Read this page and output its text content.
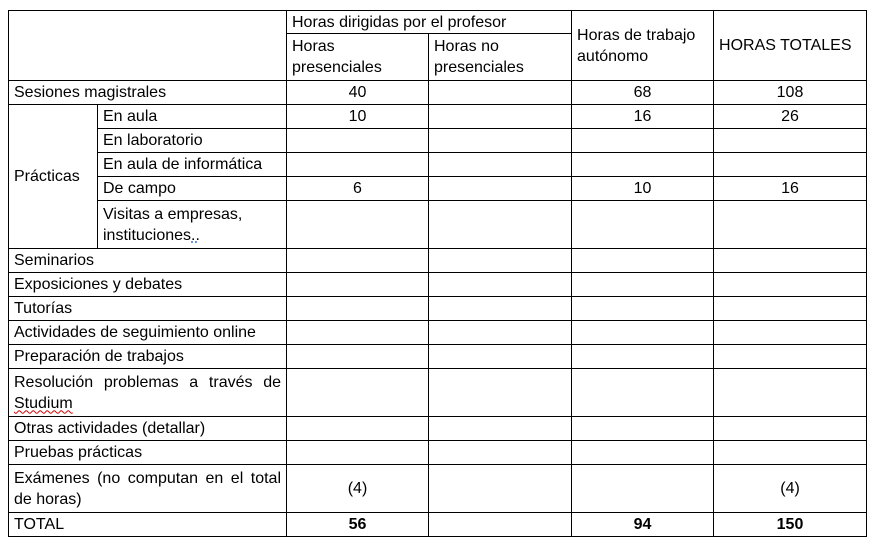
		Horas dirigidas por el profesor		Horas de trabajo autónomo	HORAS TOTALES
		Horas presenciales	Horas no presenciales		
Sesiones magistrales		40		68	108
Prácticas	En aula	10		16	26
	En laboratorio				
	En aula de informática				
	De campo	6		10	16
	Visitas a empresas,
instituciones..				
Seminarios					
Exposiciones y debates					
Tutorías					
Actividades de seguimiento online					
Preparación de trabajos					
Resolución problemas a través de Studium					
Otras actividades (detallar)					
Pruebas prácticas					
Exámenes (no computan en el total de horas)		(4)			(4)
TOTAL		56		94	150
